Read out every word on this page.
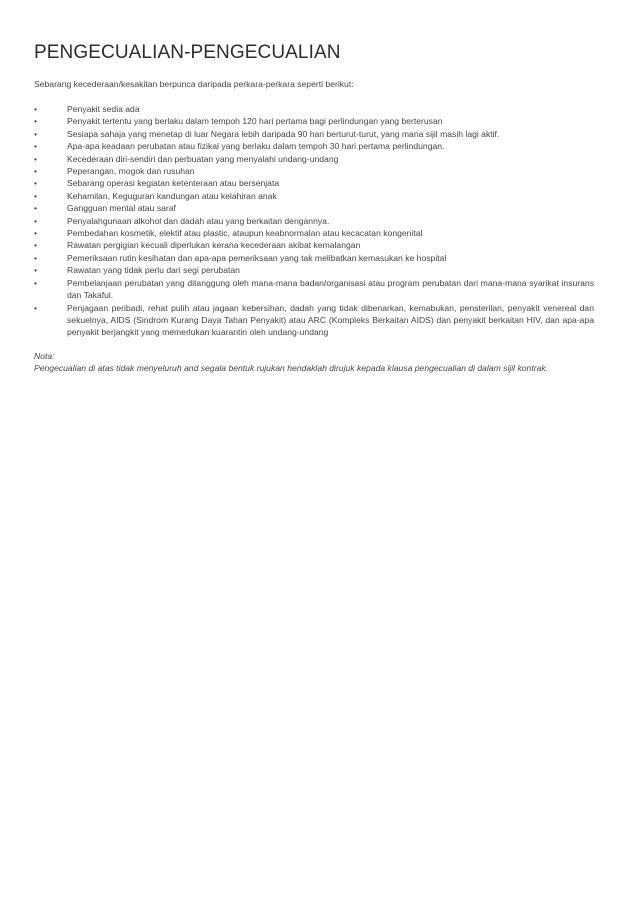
PENGECUALIAN-PENGECUALIAN

Sebarang kecederaan/kesakitan berpunca daripada perkara-perkara seperti berikut:

•	Penyakit sedia ada
•	Penyakit tertentu yang berlaku dalam tempoh 120 hari pertama bagi perlindungan yang berterusan
•	Sesiapa sahaja yang menetap di luar Negara lebih daripada 90 hari berturut-turut, yang mana sijil masih lagi aktif.
•	Apa-apa keadaan perubatan atau fizikal yang berlaku dalam tempoh 30 hari pertama perlindungan.
•	Kecederaan diri-sendiri dan perbuatan yang menyalahi undang-undang
•	Peperangan, mogok dan rusuhan
•	Sebarang operasi kegiatan ketenteraan atau bersenjata
•	Kehamilan, Keguguran kandungan atau kelahiran anak
•	Gangguan mental atau saraf
•	Penyalahgunaan alkohol dan dadah atau yang berkaitan dengannya.
•	Pembedahan kosmetik, elektif atau plastic, ataupun keabnormalan atau kecacatan kongenital
•	Rawatan pergigian kecuali diperlukan kerana kecederaan akibat kemalangan
•	Pemeriksaan rutin kesihatan dan apa-apa pemeriksaan yang tak melibatkan kemasukan ke hospital
•	Rawatan yang tidak perlu dari segi perubatan
•	Pembelanjaan perubatan yang ditanggung oleh mana-mana badan/organisasi atau program perubatan dari mana-mana syarikat insurans dan Takaful.
•	Penjagaan peribadi, rehat pulih atau jagaan kebersihan, dadah yang tidak dibenarkan, kemabukan, pensterilan, penyakit venereal dan sekuelnya, AIDS (Sindrom Kurang Daya Tahan Penyakit) atau ARC (Kompleks Berkaitan AIDS) dan penyakit berkaitan HIV, dan apa-apa penyakit berjangkit yang memerlukan kuarantin oleh undang-undang
Nota:
Pengecualian di atas tidak menyeluruh and segala bentuk rujukan hendaklah dirujuk kepada klausa pengecualian di dalam sijil kontrak.
